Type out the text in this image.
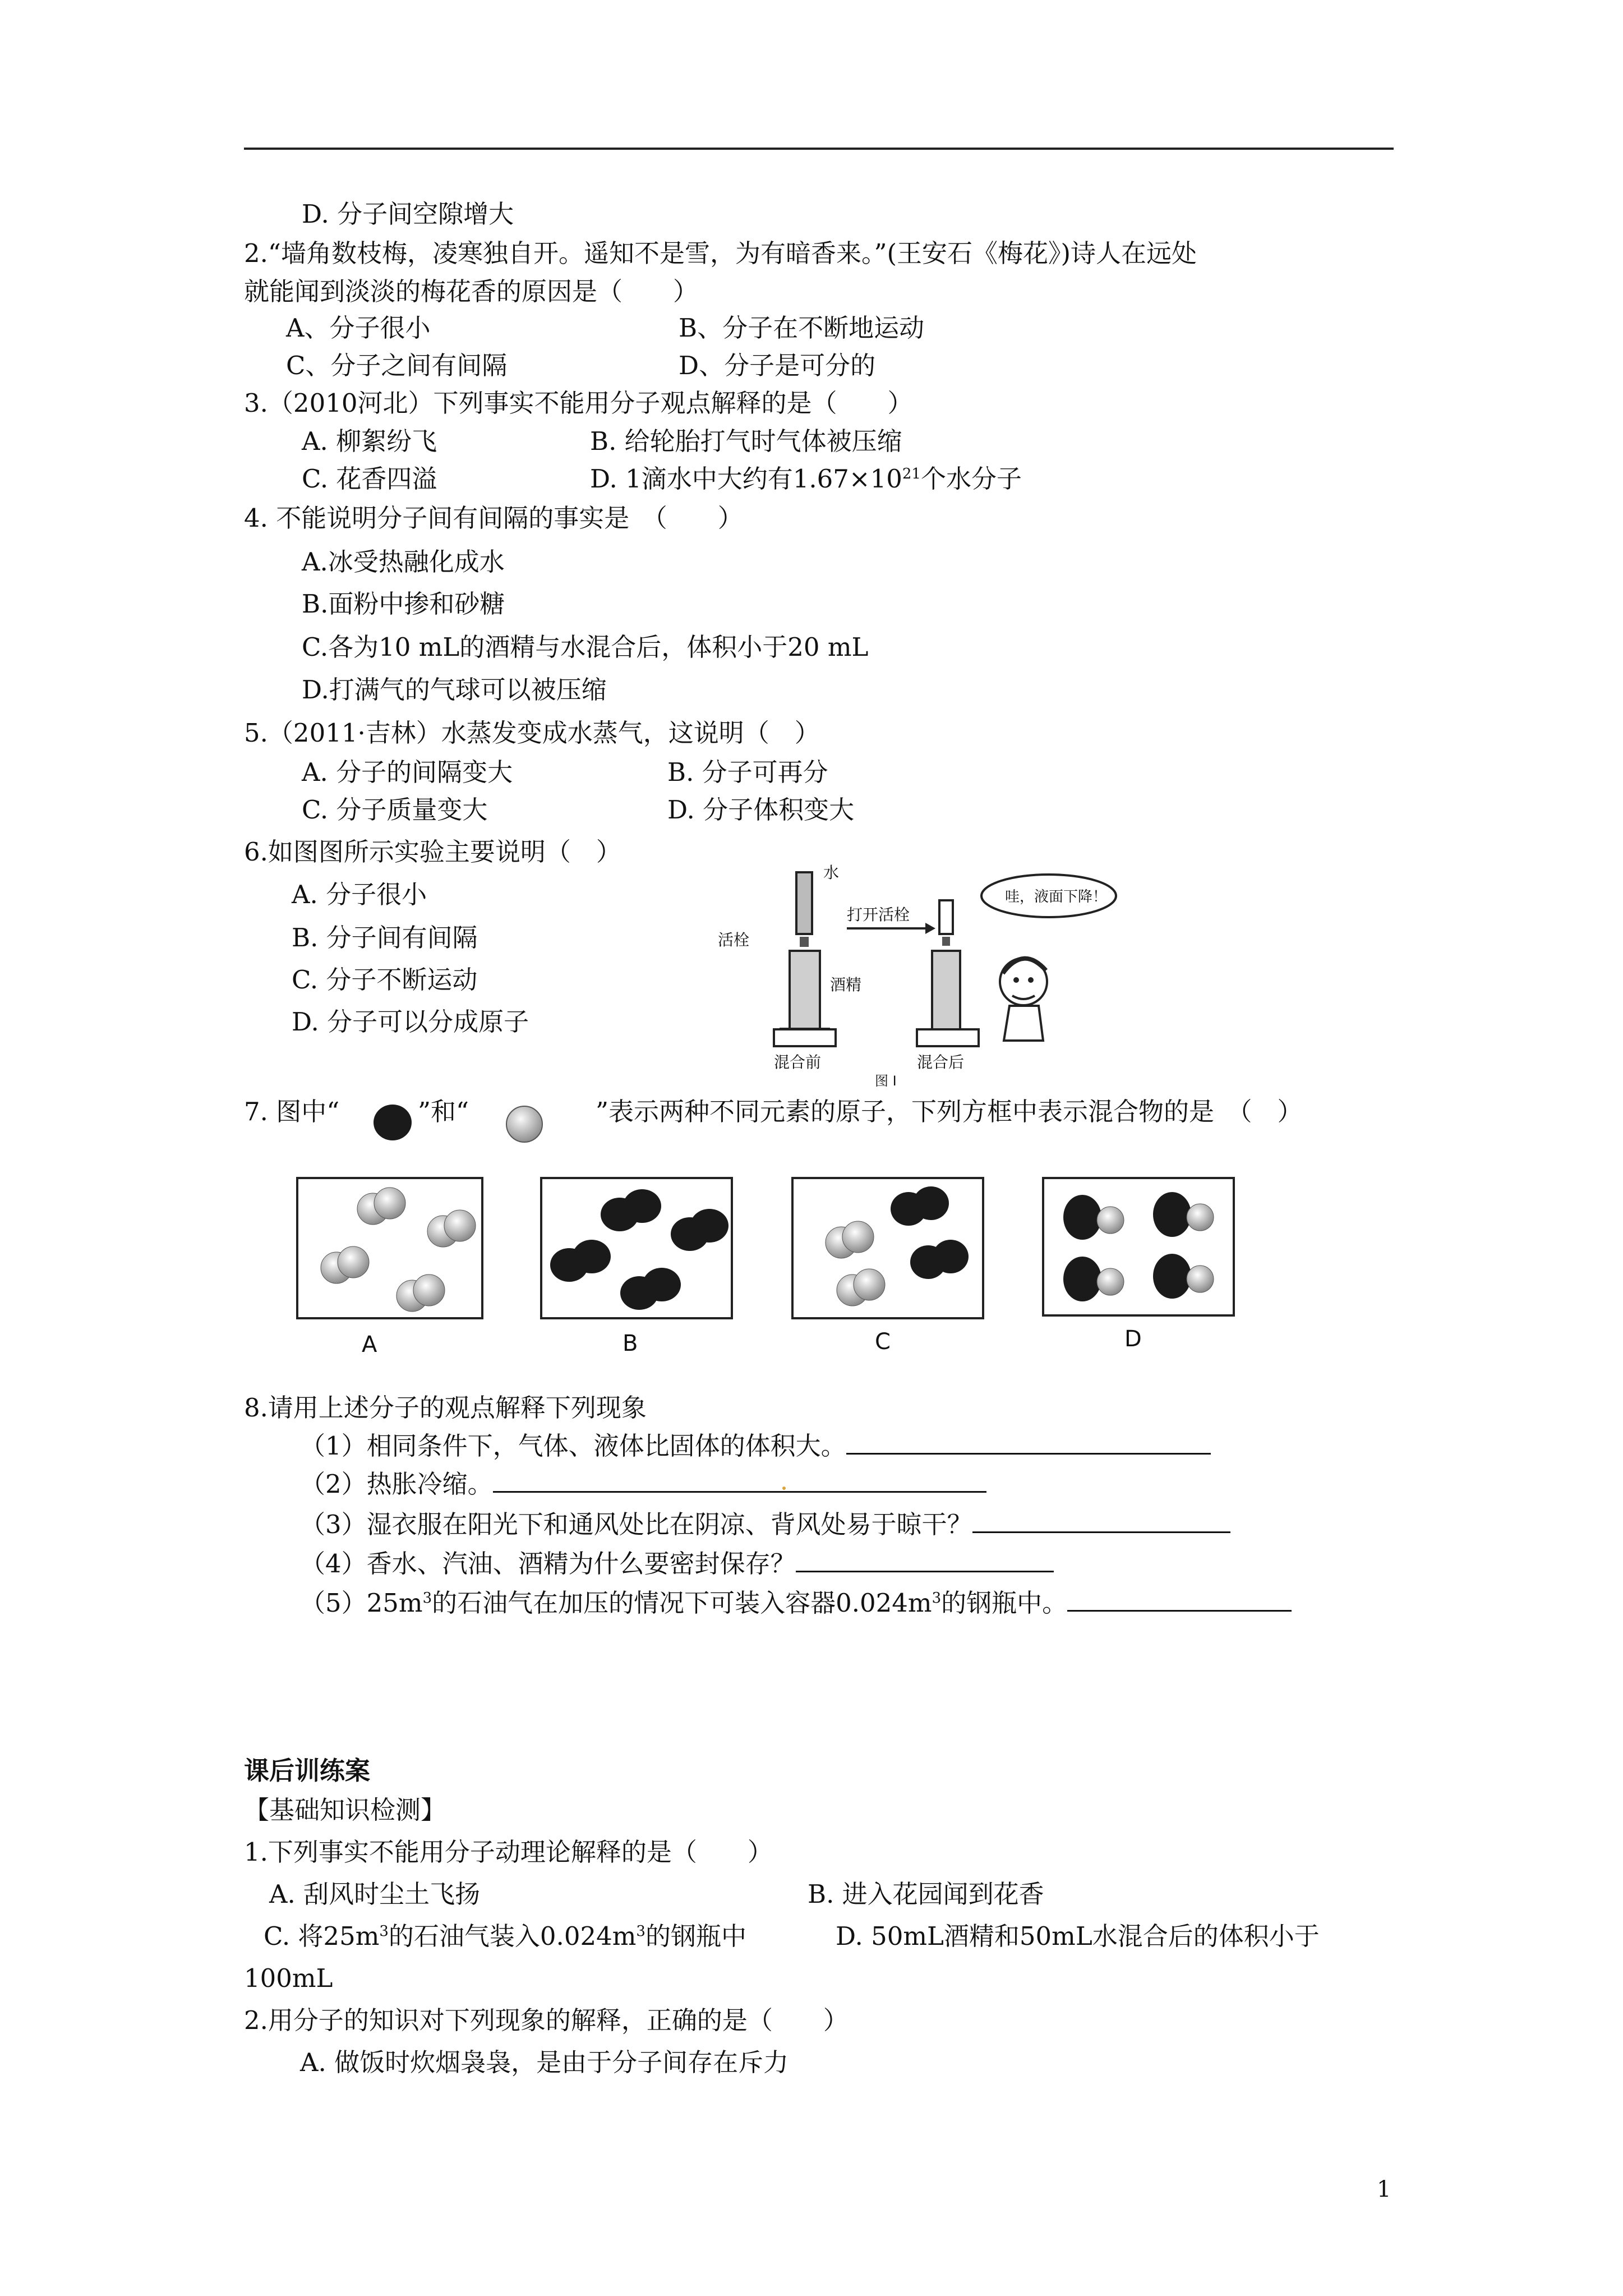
D. 分子间空隙增大
2.“墙角数枝梅，凌寒独自开。遥知不是雪，为有暗香来。”(王安石《梅花》)诗人在远处
就能闻到淡淡的梅花香的原因是（　　）
A、分子很小	B、分子在不断地运动
C、分子之间有间隔	D、分子是可分的
3.（2010河北）下列事实不能用分子观点解释的是（　　）
A. 柳絮纷飞	B. 给轮胎打气时气体被压缩
C. 花香四溢	D. 1滴水中大约有$1.67\times 10^{21}$个水分子
4. 不能说明分子间有间隔的事实是　（　　）
A.冰受热融化成水
B.面粉中掺和砂糖
C.各为10 mL的酒精与水混合后，体积小于20 mL
D.打满气的气球可以被压缩
5.（2011·吉林）水蒸发变成水蒸气，这说明（　）
A. 分子的间隔变大	B. 分子可再分
C. 分子质量变大	D. 分子体积变大
6.如图图所示实验主要说明（　）
A. 分子很小
B. 分子间有间隔
C. 分子不断运动
D. 分子可以分成原子
水
活栓
打开活栓
酒精
混合前	混合后
哇，液面下降！
图 I
7. 图中“	”和“	”表示两种不同元素的原子，下列方框中表示混合物的是　（　）
A	B	C	D
8.请用上述分子的观点解释下列现象
（1）相同条件下，气体、液体比固体的体积大。
（2）热胀冷缩。
（3）湿衣服在阳光下和通风处比在阴凉、背风处易于晾干？
（4）香水、汽油、酒精为什么要密封保存？
$(5)25m^3$的石油气在加压的情况下可装入容器$0.024m^3$的钢瓶中。
课后训练案
【基础知识检测】
1.下列事实不能用分子动理论解释的是（　　）
A. 刮风时尘土飞扬	B. 进入花园闻到花香
C. 将$25m^3$的石油气装入$0.024m^3$的钢瓶中	D. 50mL酒精和50mL水混合后的体积小于
100mL
2.用分子的知识对下列现象的解释，正确的是（　　）
A. 做饭时炊烟袅袅，是由于分子间存在斥力
1
